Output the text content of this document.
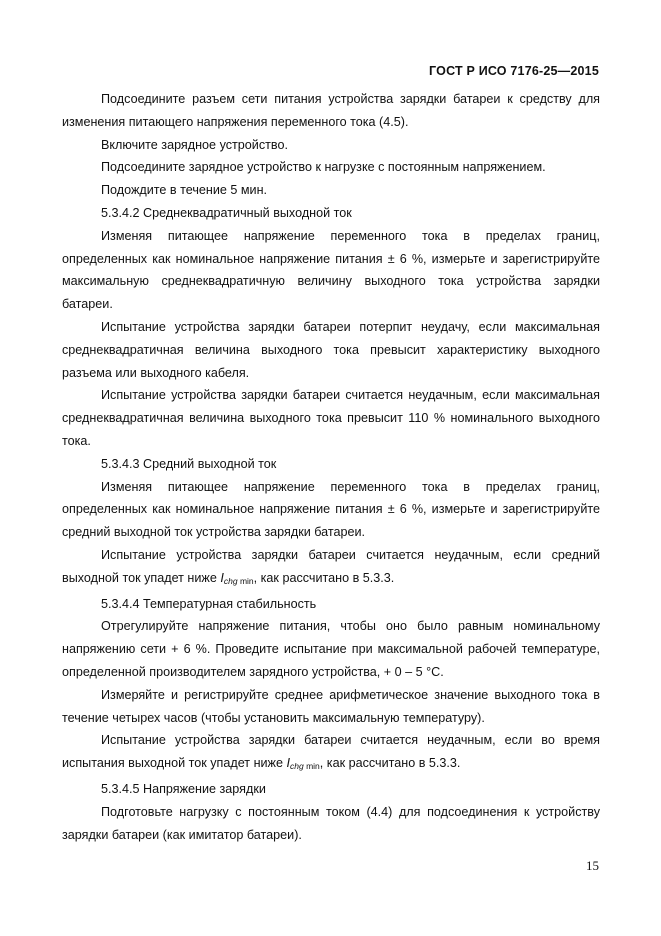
ГОСТ Р ИСО 7176-25—2015

Подсоедините разъем сети питания устройства зарядки батареи к средству для изменения питающего напряжения переменного тока (4.5).

Включите зарядное устройство.

Подсоедините зарядное устройство к нагрузке с постоянным напряжением.

Подождите в течение 5 мин.

5.3.4.2 Среднеквадратичный выходной ток

Изменяя питающее напряжение переменного тока в пределах границ, определенных как номинальное напряжение питания ± 6 %, измерьте и зарегистрируйте максимальную среднеквадратичную величину выходного тока устройства зарядки батареи.

Испытание устройства зарядки батареи потерпит неудачу, если максимальная среднеквадратичная величина выходного тока превысит характеристику выходного разъема или выходного кабеля.

Испытание устройства зарядки батареи считается неудачным, если максимальная среднеквадратичная величина выходного тока превысит 110 % номинального выходного тока.

5.3.4.3 Средний выходной ток

Изменяя питающее напряжение переменного тока в пределах границ, определенных как номинальное напряжение питания ± 6 %, измерьте и зарегистрируйте средний выходной ток устройства зарядки батареи.

Испытание устройства зарядки батареи считается неудачным, если средний выходной ток упадет ниже $I_{chg min}$, как рассчитано в 5.3.3.

5.3.4.4 Температурная стабильность

Отрегулируйте напряжение питания, чтобы оно было равным номинальному напряжению сети + 6 %. Проведите испытание при максимальной рабочей температуре, определенной производителем зарядного устройства, + 0 – 5 °C.

Измеряйте и регистрируйте среднее арифметическое значение выходного тока в течение четырех часов (чтобы установить максимальную температуру).

Испытание устройства зарядки батареи считается неудачным, если во время испытания выходной ток упадет ниже $I_{chg min}$, как рассчитано в 5.3.3.

5.3.4.5 Напряжение зарядки

Подготовьте нагрузку с постоянным током (4.4) для подсоединения к устройству зарядки батареи (как имитатор батареи).

15
